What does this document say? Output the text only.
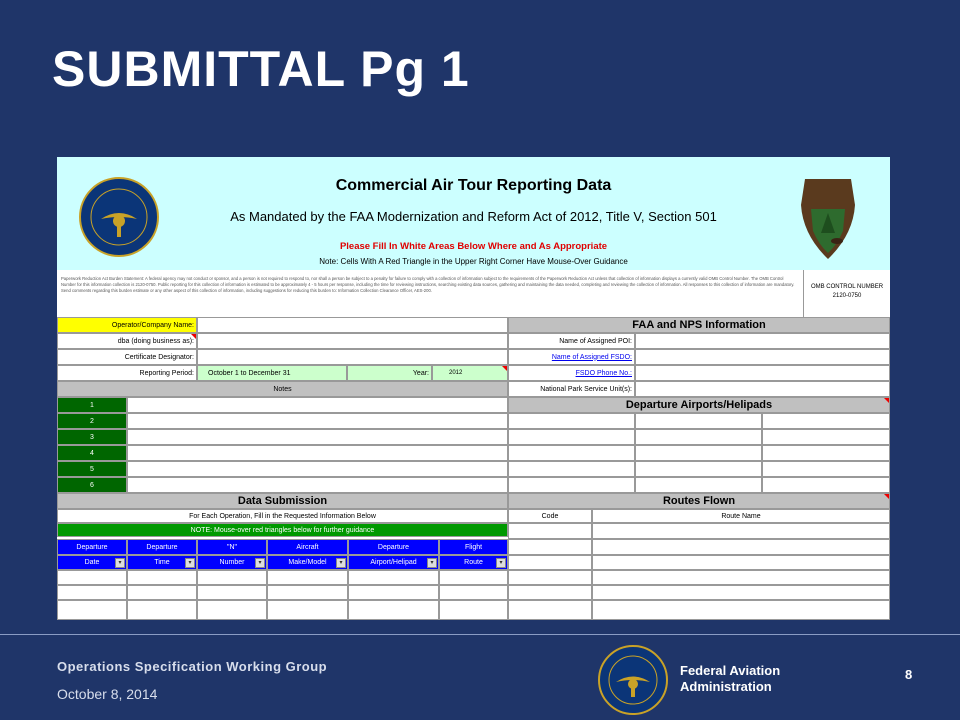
SUBMITTAL Pg 1
Commercial Air Tour Reporting Data
As Mandated by the FAA Modernization and Reform Act of 2012, Title V, Section 501
Please Fill In White Areas Below Where and As Appropriate
Note: Cells With A Red Triangle in the Upper Right Corner Have Mouse-Over Guidance
Paperwork Reduction Act Burden Statement: A federal agency may not conduct or sponsor, and a person is not required to respond to, nor shall a person be subject to a penalty for failure to comply with a collection of information subject to the requirements of the Paperwork Reduction Act unless that collection of information displays a currently valid OMB Control Number. The OMB Control Number for this information collection is 2120-0750. Public reporting for this collection of information is estimated to be approximately 4 - 5 hours per response, including the time for reviewing instructions, searching existing data sources, gathering and maintaining the data needed, completing and reviewing the collection of information. All responses to this collection of information are mandatory. Send comments regarding this burden estimate or any other aspect of this collection of information, including suggestions for reducing this burden to: Information Collection Clearance Officer, AES-200.
OMB CONTROL NUMBER
2120-0750
Operator/Company Name:
dba (doing business as):
Certificate Designator:
Reporting Period:	October 1 to December 31	Year:	2012
FAA and NPS Information
Name of Assigned POI:
Name of Assigned FSDO:
FSDO Phone No.:
National Park Service Unit(s):
Notes
1
2
3
4
5
6
Departure Airports/Helipads
Data Submission
For Each Operation, Fill in the Requested Information Below
NOTE: Mouse-over red triangles below for further guidance
Departure
Date	▾
Departure
Time	▾
"N"
Number	▾
Aircraft
Make/Model	▾
Departure
Airport/Helipad	▾
Flight
Route	▾
Routes Flown
Code	Route Name
Operations Specification Working Group
October 8, 2014
Federal Aviation
Administration
8
